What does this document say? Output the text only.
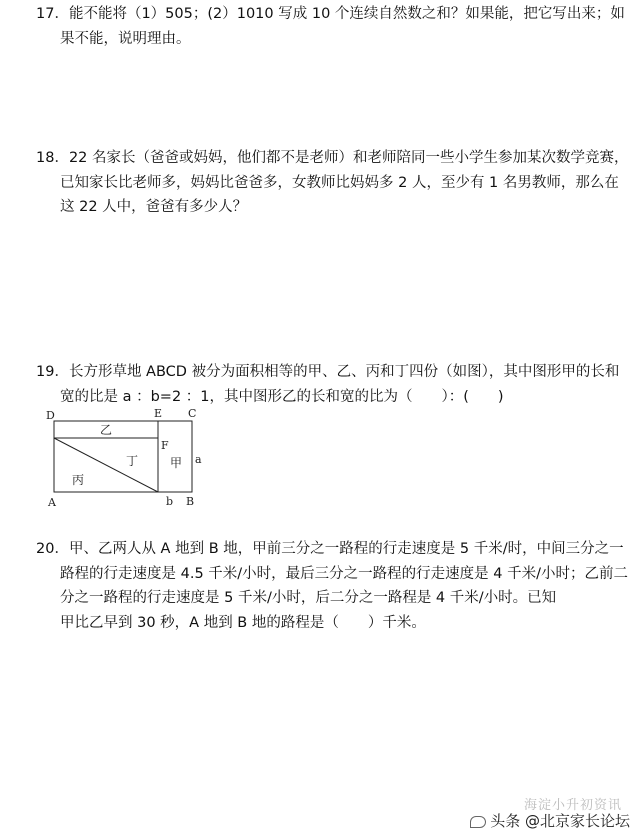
17．能不能将（1）505；(2）1010 写成 10 个连续自然数之和？如果能，把它写出来；如
果不能，说明理由。
18．22 名家长（爸爸或妈妈，他们都不是老师）和老师陪同一些小学生参加某次数学竞赛，
已知家长比老师多，妈妈比爸爸多，女教师比妈妈多 2 人，至少有 1 名男教师，那么在
这 22 人中，爸爸有多少人？
19．长方形草地 ABCD 被分为面积相等的甲、乙、丙和丁四份（如图），其中图形甲的长和
宽的比是 a ：b=2 ：1，其中图形乙的长和宽的比为（　　）：(　　)
D	E C
F
A	B
a
b
乙
丁	甲
丙
20．甲、乙两人从 A 地到 B 地，甲前三分之一路程的行走速度是 5 千米/时，中间三分之一
路程的行走速度是 4.5 千米/小时，最后三分之一路程的行走速度是 4 千米/小时；乙前二
分之一路程的行走速度是 5 千米/小时，后二分之一路程是 4 千米/小时。已知
甲比乙早到 30 秒，A 地到 B 地的路程是（　　）千米。
海淀小升初资讯
头条 @北京家长论坛
